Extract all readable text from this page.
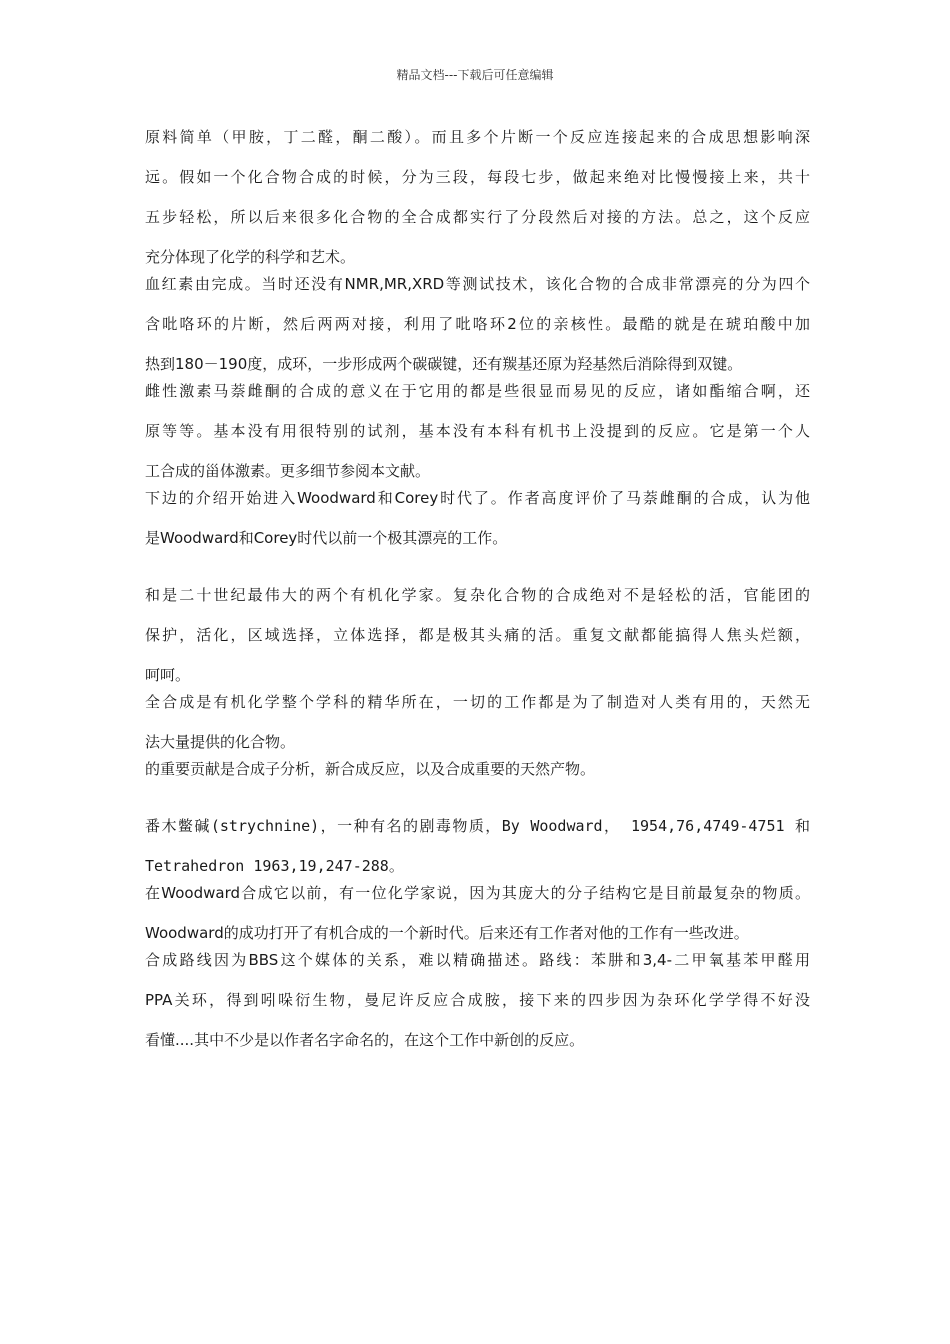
精品文档---下载后可任意编辑
原料简单（甲胺，丁二醛，酮二酸）。而且多个片断一个反应连接起来的合成思想影响深
远。假如一个化合物合成的时候，分为三段，每段七步，做起来绝对比慢慢接上来，共十
五步轻松，所以后来很多化合物的全合成都实行了分段然后对接的方法。总之，这个反应
充分体现了化学的科学和艺术。
血红素由完成。当时还没有NMR,MR,XRD等测试技术，该化合物的合成非常漂亮的分为四个
含吡咯环的片断，然后两两对接，利用了吡咯环2位的亲核性。最酷的就是在琥珀酸中加
热到180－190度，成环，一步形成两个碳碳键，还有羰基还原为羟基然后消除得到双键。
雌性激素马萘雌酮的合成的意义在于它用的都是些很显而易见的反应，诸如酯缩合啊，还
原等等。基本没有用很特别的试剂，基本没有本科有机书上没提到的反应。它是第一个人
工合成的甾体激素。更多细节参阅本文献。
下边的介绍开始进入Woodward和Corey时代了。作者高度评价了马萘雌酮的合成，认为他
是Woodward和Corey时代以前一个极其漂亮的工作。
和是二十世纪最伟大的两个有机化学家。复杂化合物的合成绝对不是轻松的活，官能团的
保护，活化，区域选择，立体选择，都是极其头痛的活。重复文献都能搞得人焦头烂额，
呵呵。
全合成是有机化学整个学科的精华所在，一切的工作都是为了制造对人类有用的，天然无
法大量提供的化合物。
的重要贡献是合成子分析，新合成反应，以及合成重要的天然产物。
番木鳖碱(strychnine)，一种有名的剧毒物质，By Woodward， 1954,76,4749-4751 和
Tetrahedron 1963,19,247-288。
在Woodward合成它以前，有一位化学家说，因为其庞大的分子结构它是目前最复杂的物质。
Woodward的成功打开了有机合成的一个新时代。后来还有工作者对他的工作有一些改进。
合成路线因为BBS这个媒体的关系，难以精确描述。路线：苯肼和3,4-二甲氧基苯甲醛用
PPA关环，得到吲哚衍生物，曼尼许反应合成胺，接下来的四步因为杂环化学学得不好没
看懂....其中不少是以作者名字命名的，在这个工作中新创的反应。
